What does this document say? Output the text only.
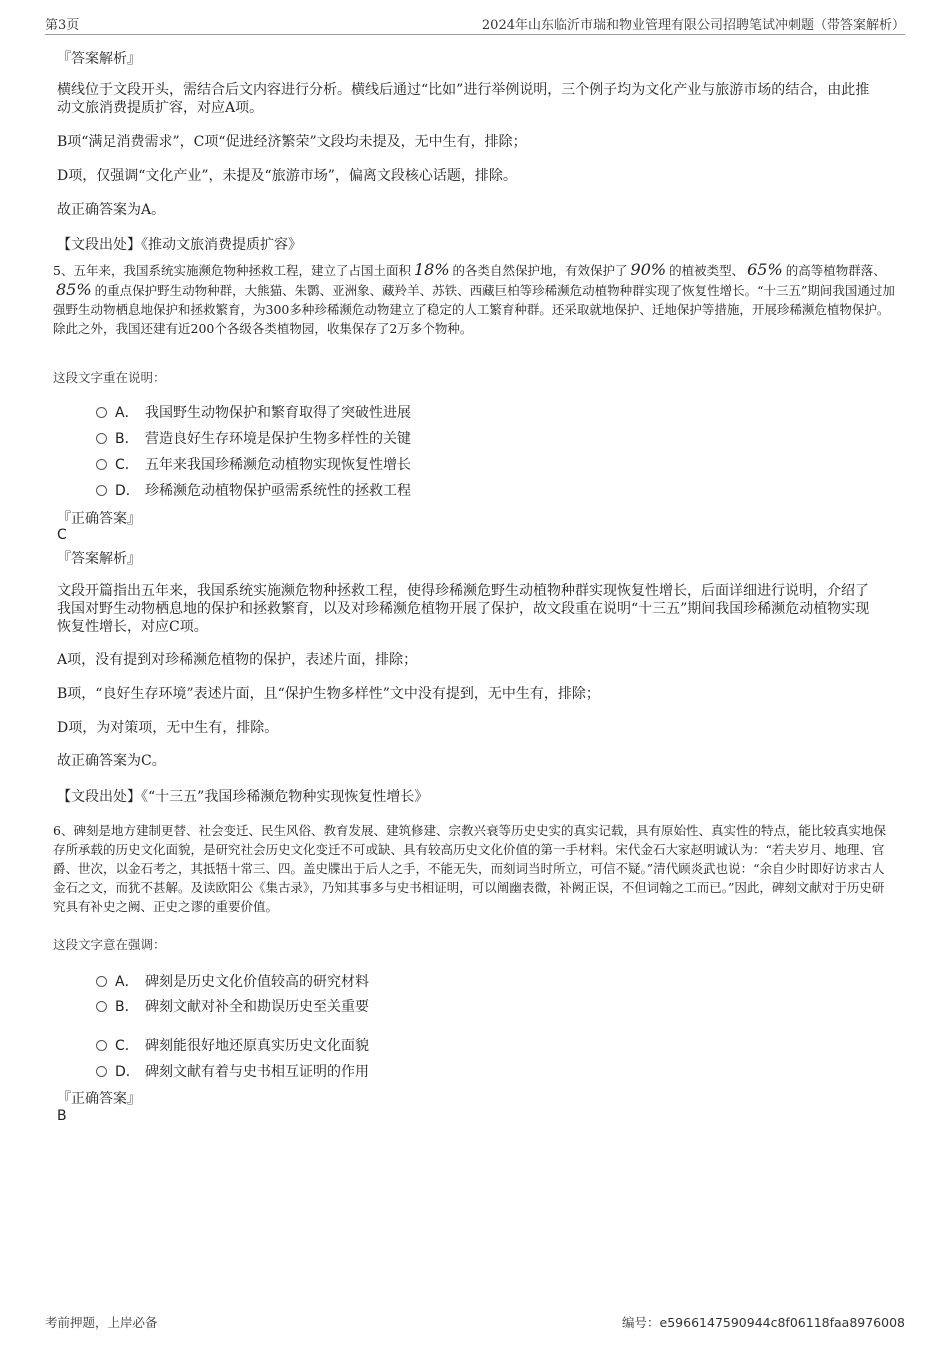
第3页	2024年山东临沂市瑞和物业管理有限公司招聘笔试冲刺题（带答案解析）

『答案解析』

横线位于文段开头，需结合后文内容进行分析。横线后通过“比如”进行举例说明，三个例子均为文化产业与旅游市场的结合，由此推动文旅消费提质扩容，对应A项。

B项“满足消费需求”，C项“促进经济繁荣”文段均未提及，无中生有，排除；

D项，仅强调“文化产业”，未提及“旅游市场”，偏离文段核心话题，排除。

故正确答案为A。

【文段出处】《推动文旅消费提质扩容》

5、五年来，我国系统实施濒危物种拯救工程，建立了占国土面积 18% 的各类自然保护地，有效保护了 90% 的植被类型、 65% 的高等植物群落、85% 的重点保护野生动物种群，大熊猫、朱鹮、亚洲象、藏羚羊、苏铁、西藏巨柏等珍稀濒危动植物种群实现了恢复性增长。“十三五”期间我国通过加强野生动物栖息地保护和拯救繁育，为300多种珍稀濒危动物建立了稳定的人工繁育种群。还采取就地保护、迁地保护等措施，开展珍稀濒危植物保护。除此之外，我国还建有近200个各级各类植物园，收集保存了2万多个物种。

这段文字重在说明：

A． 我国野生动物保护和繁育取得了突破性进展
B． 营造良好生存环境是保护生物多样性的关键
C． 五年来我国珍稀濒危动植物实现恢复性增长
D． 珍稀濒危动植物保护亟需系统性的拯救工程

『正确答案』

C

『答案解析』

文段开篇指出五年来，我国系统实施濒危物种拯救工程，使得珍稀濒危野生动植物种群实现恢复性增长，后面详细进行说明，介绍了我国对野生动物栖息地的保护和拯救繁育，以及对珍稀濒危植物开展了保护，故文段重在说明“十三五”期间我国珍稀濒危动植物实现恢复性增长，对应C项。

A项，没有提到对珍稀濒危植物的保护，表述片面，排除；

B项，“良好生存环境”表述片面，且“保护生物多样性”文中没有提到，无中生有，排除；

D项，为对策项，无中生有，排除。

故正确答案为C。

【文段出处】《“十三五”我国珍稀濒危物种实现恢复性增长》

6、碑刻是地方建制更替、社会变迁、民生风俗、教育发展、建筑修建、宗教兴衰等历史史实的真实记载，具有原始性、真实性的特点，能比较真实地保存所承载的历史文化面貌，是研究社会历史文化变迁不可或缺、具有较高历史文化价值的第一手材料。宋代金石大家赵明诚认为：“若夫岁月、地理、官爵、世次，以金石考之，其抵牾十常三、四。盖史牒出于后人之手，不能无失，而刻词当时所立，可信不疑。”清代顾炎武也说：“余自少时即好访求古人金石之文，而犹不甚解。及读欧阳公《集古录》，乃知其事多与史书相证明，可以阐幽表微，补阙正误，不但词翰之工而已。”因此，碑刻文献对于历史研究具有补史之阙、正史之谬的重要价值。

这段文字意在强调：

A． 碑刻是历史文化价值较高的研究材料
B． 碑刻文献对补全和勘误历史至关重要
C． 碑刻能很好地还原真实历史文化面貌
D． 碑刻文献有着与史书相互证明的作用

『正确答案』

B

考前押题，上岸必备	编号：e5966147590944c8f06118faa8976008
